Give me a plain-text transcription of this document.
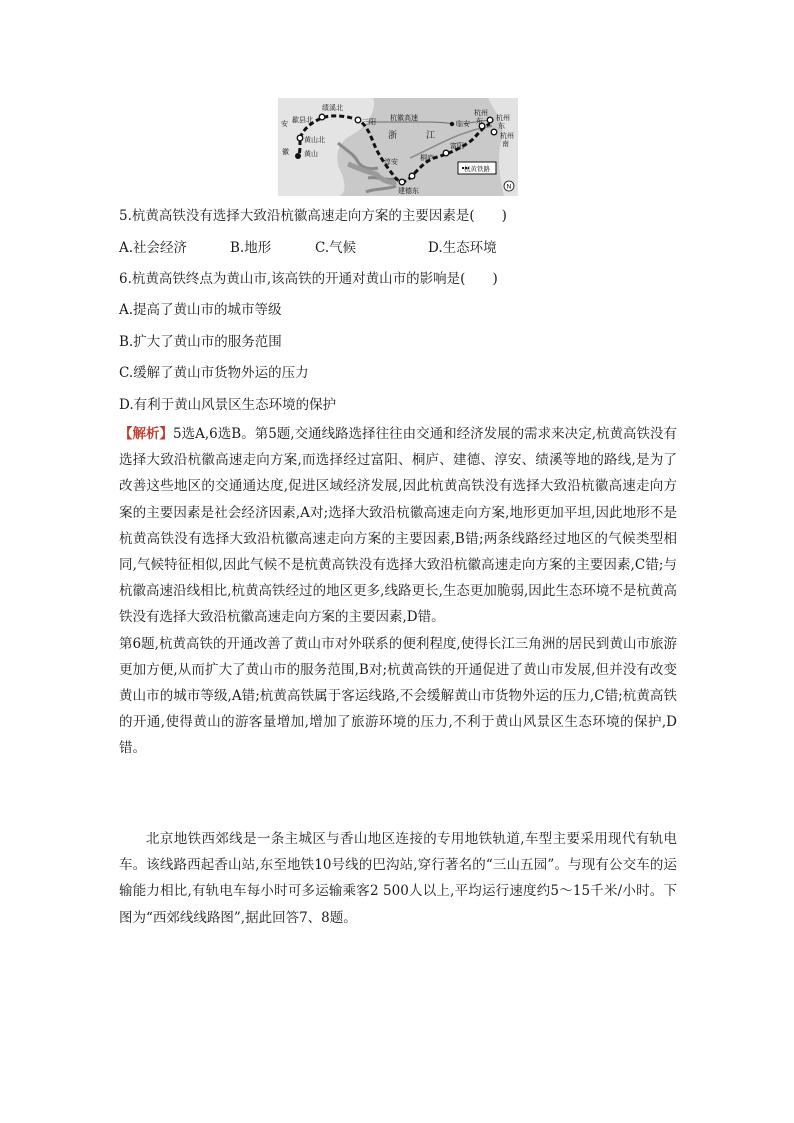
安 歙县北
绩溪北
三阳 杭徽高速
临安
杭州
东 杭州
东
黄山北
徽 黄山
浙	江
淳安	桐庐
富阳
杭州
南
建德东
杭黄铁路
N
5.杭黄高铁没有选择大致沿杭徽高速走向方案的主要因素是(　　)
A.社会经济	B.地形	C.气候	D.生态环境
6.杭黄高铁终点为黄山市,该高铁的开通对黄山市的影响是(　　)
A.提高了黄山市的城市等级
B.扩大了黄山市的服务范围
C.缓解了黄山市货物外运的压力
D.有利于黄山风景区生态环境的保护

【解析】5选A,6选B。第5题,交通线路选择往往由交通和经济发展的需求来决定,杭黄高铁没有选择大致沿杭徽高速走向方案,而选择经过富阳、桐庐、建德、淳安、绩溪等地的路线,是为了改善这些地区的交通通达度,促进区域经济发展,因此杭黄高铁没有选择大致沿杭徽高速走向方案的主要因素是社会经济因素,A对;选择大致沿杭徽高速走向方案,地形更加平坦,因此地形不是杭黄高铁没有选择大致沿杭徽高速走向方案的主要因素,B错;两条线路经过地区的气候类型相同,气候特征相似,因此气候不是杭黄高铁没有选择大致沿杭徽高速走向方案的主要因素,C错;与杭徽高速沿线相比,杭黄高铁经过的地区更多,线路更长,生态更加脆弱,因此生态环境不是杭黄高铁没有选择大致沿杭徽高速走向方案的主要因素,D错。

第6题,杭黄高铁的开通改善了黄山市对外联系的便利程度,使得长江三角洲的居民到黄山市旅游更加方便,从而扩大了黄山市的服务范围,B对;杭黄高铁的开通促进了黄山市发展,但并没有改变黄山市的城市等级,A错;杭黄高铁属于客运线路,不会缓解黄山市货物外运的压力,C错;杭黄高铁的开通,使得黄山的游客量增加,增加了旅游环境的压力,不利于黄山风景区生态环境的保护,D错。

北京地铁西郊线是一条主城区与香山地区连接的专用地铁轨道,车型主要采用现代有轨电车。该线路西起香山站,东至地铁10号线的巴沟站,穿行著名的“三山五园”。与现有公交车的运输能力相比,有轨电车每小时可多运输乘客2 500人以上,平均运行速度约5～15千米/小时。下图为“西郊线线路图”,据此回答7、8题。
